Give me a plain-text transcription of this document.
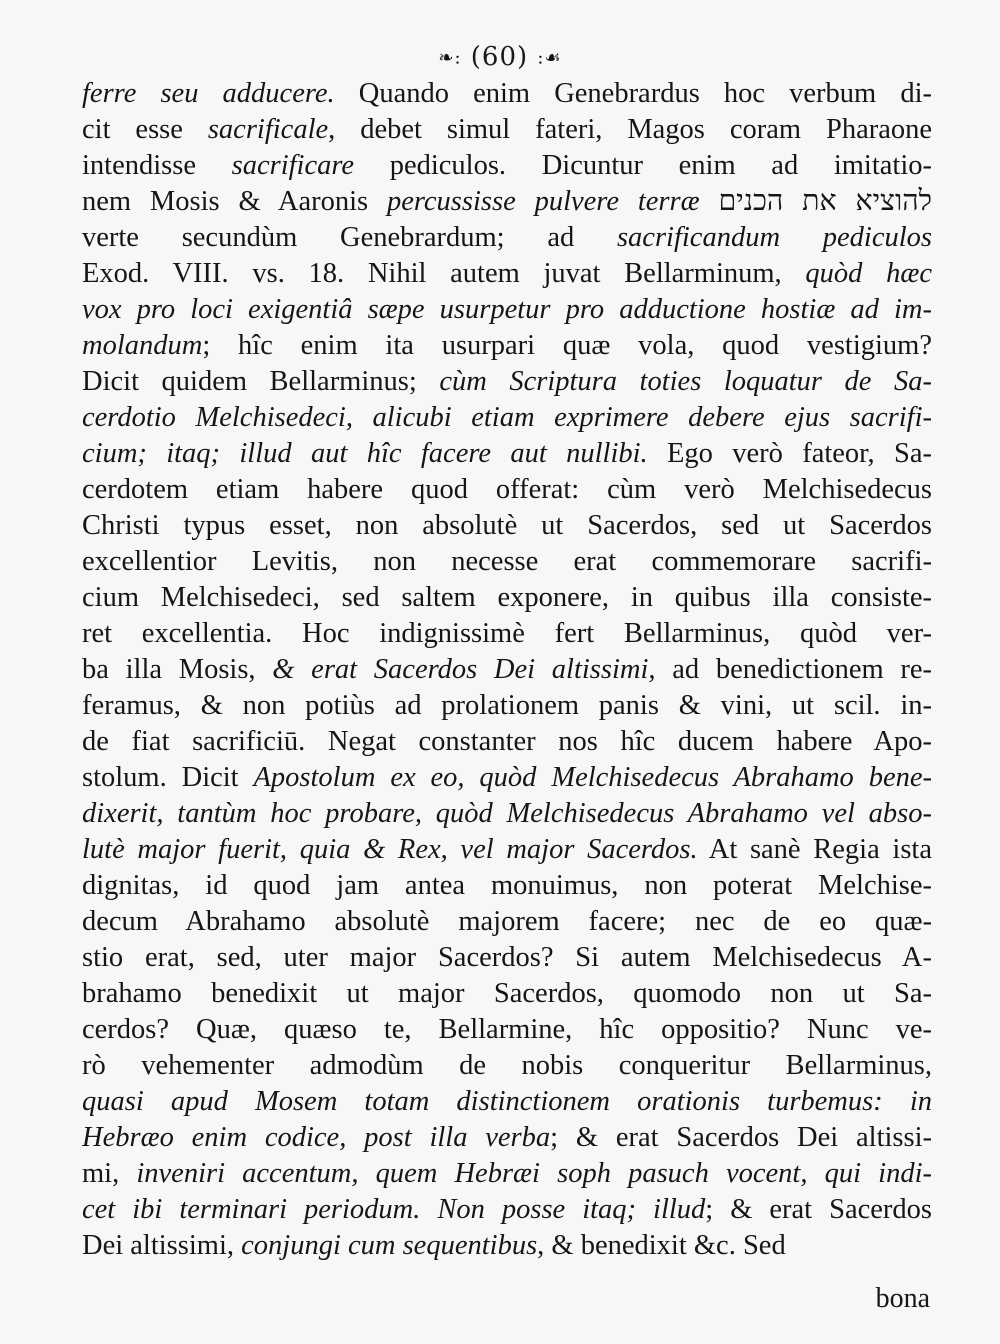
❧: (60) :☙
ferre seu adducere. Quando enim Genebrardus hoc verbum di-
cit esse sacrificale, debet simul fateri, Magos coram Pharaone
intendisse sacrificare pediculos. Dicuntur enim ad imitatio-
nem Mosis & Aaronis percussisse pulvere terræ להוציא את הכנים
verte secundùm Genebrardum; ad sacrificandum pediculos
Exod. VIII. vs. 18. Nihil autem juvat Bellarminum, quòd hæc
vox pro loci exigentiâ sæpe usurpetur pro adductione hostiæ ad im-
molandum; hîc enim ita usurpari quæ vola, quod vestigium?
Dicit quidem Bellarminus; cùm Scriptura toties loquatur de Sa-
cerdotio Melchisedeci, alicubi etiam exprimere debere ejus sacrifi-
cium; itaq; illud aut hîc facere aut nullibi. Ego verò fateor, Sa-
cerdotem etiam habere quod offerat: cùm verò Melchisedecus
Christi typus esset, non absolutè ut Sacerdos, sed ut Sacerdos
excellentior Levitis, non necesse erat commemorare sacrifi-
cium Melchisedeci, sed saltem exponere, in quibus illa consiste-
ret excellentia. Hoc indignissimè fert Bellarminus, quòd ver-
ba illa Mosis, & erat Sacerdos Dei altissimi, ad benedictionem re-
feramus, & non potiùs ad prolationem panis & vini, ut scil. in-
de fiat sacrificiū. Negat constanter nos hîc ducem habere Apo-
stolum. Dicit Apostolum ex eo, quòd Melchisedecus Abrahamo bene-
dixerit, tantùm hoc probare, quòd Melchisedecus Abrahamo vel abso-
lutè major fuerit, quia & Rex, vel major Sacerdos. At sanè Regia ista
dignitas, id quod jam antea monuimus, non poterat Melchise-
decum Abrahamo absolutè majorem facere; nec de eo quæ-
stio erat, sed, uter major Sacerdos? Si autem Melchisedecus A-
brahamo benedixit ut major Sacerdos, quomodo non ut Sa-
cerdos? Quæ, quæso te, Bellarmine, hîc oppositio? Nunc ve-
rò vehementer admodùm de nobis conqueritur Bellarminus,
quasi apud Mosem totam distinctionem orationis turbemus: in
Hebræo enim codice, post illa verba; & erat Sacerdos Dei altissi-
mi, inveniri accentum, quem Hebræi soph pasuch vocent, qui indi-
cet ibi terminari periodum. Non posse itaq; illud; & erat Sacerdos
Dei altissimi, conjungi cum sequentibus, & benedixit &c. Sed
bona
